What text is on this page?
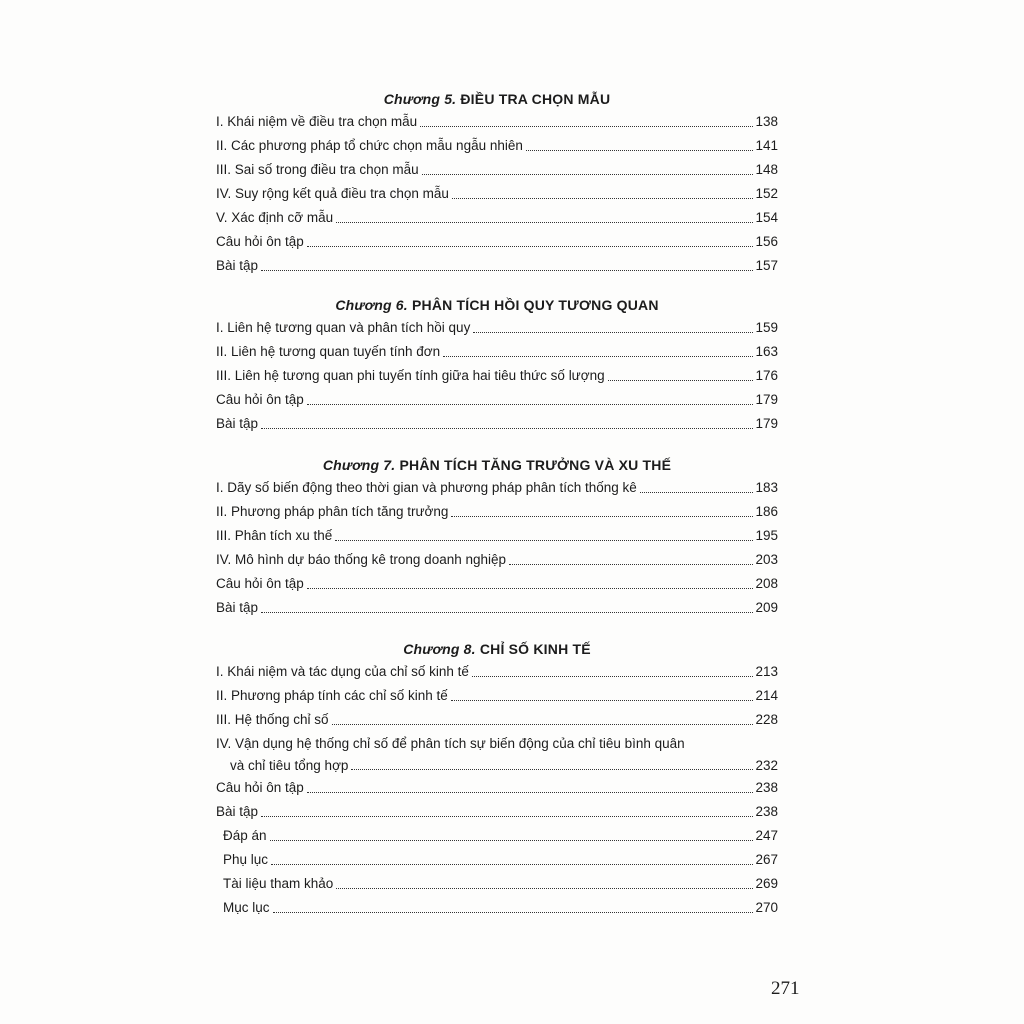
Chương 5. ĐIỀU TRA CHỌN MẪU
I. Khái niệm về điều tra chọn mẫu	138
II. Các phương pháp tổ chức chọn mẫu ngẫu nhiên	141
III. Sai số trong điều tra chọn mẫu	148
IV. Suy rộng kết quả điều tra chọn mẫu	152
V. Xác định cỡ mẫu	154
Câu hỏi ôn tập	156
Bài tập	157
Chương 6. PHÂN TÍCH HỒI QUY TƯƠNG QUAN
I. Liên hệ tương quan và phân tích hồi quy	159
II. Liên hệ tương quan tuyến tính đơn	163
III. Liên hệ tương quan phi tuyến tính giữa hai tiêu thức số lượng	176
Câu hỏi ôn tập	179
Bài tập	179
Chương 7. PHÂN TÍCH TĂNG TRƯỞNG VÀ XU THẾ
I. Dãy số biến động theo thời gian và phương pháp phân tích thống kê	183
II. Phương pháp phân tích tăng trưởng	186
III. Phân tích xu thế	195
IV. Mô hình dự báo thống kê trong doanh nghiệp	203
Câu hỏi ôn tập	208
Bài tập	209
Chương 8. CHỈ SỐ KINH TẾ
I. Khái niệm và tác dụng của chỉ số kinh tế	213
II. Phương pháp tính các chỉ số kinh tế	214
III. Hệ thống chỉ số	228
IV. Vận dụng hệ thống chỉ số để phân tích sự biến động của chỉ tiêu bình quân
và chỉ tiêu tổng hợp	232
Câu hỏi ôn tập	238
Bài tập	238
Đáp án	247
Phụ lục	267
Tài liệu tham khảo	269
Mục lục	270
271
